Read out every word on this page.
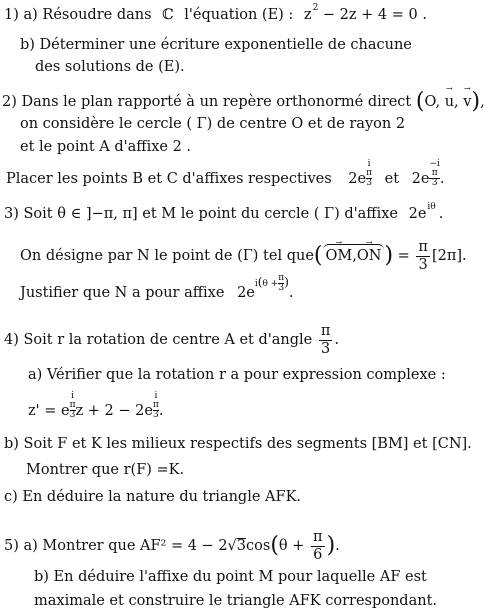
1) a) Résoudre dans ℂ l'équation (E) : $z^2 - 2z + 4 = 0$ .
b) Déterminer une écriture exponentielle de chacune
des solutions de (E).
2) Dans le plan rapporté à un repère orthonormé direct (O, → u, → v),
on considère le cercle ( Γ) de centre O et de rayon 2
et le point A d'affixe 2 .
Placer les points B et C d'affixes respectives 2e
i
π
3 et 2e
−i
π
3 .
3) Soit θ ∈ ]−π, π] et M le point du cercle ( Γ) d'affixe $2e^{i\theta}$ .
On désigne par N le point de (Γ) tel que(→ OM,→ ON ) = $\frac{\pi}{3} [2\pi]$.
Justifier que N a pour affixe $2ei(\theta + \frac{\pi}{3}$ ).
4) Soit r la rotation de centre A et d'angle $\frac{\pi}{3}$ .
a) Vérifier que la rotation r a pour expression complexe :
z' = e
i
π
3 z + 2 − 2e
i
π
3 .
b) Soit F et K les milieux respectifs des segments [BM] et [CN].
Montrer que r(F) =K.
c) En déduire la nature du triangle AFK.
5) a) Montrer que $AF^2 = 4 - 2√3\cos(\theta + \frac{\pi}{6}$ ).
b) En déduire l'affixe du point M pour laquelle AF est
maximale et construire le triangle AFK correspondant.
